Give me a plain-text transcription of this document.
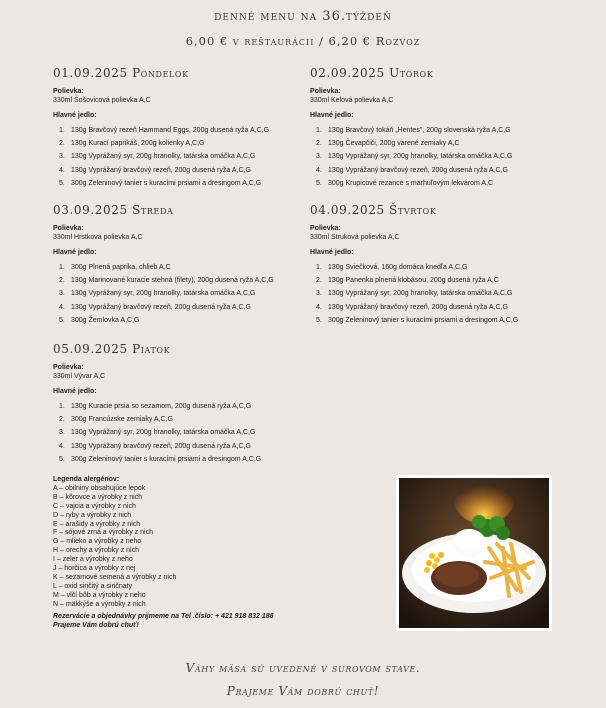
denné menu na 36.týždeň
6,00 € v reštaurácii / 6,20 € Rozvoz
01.09.2025 Pondelok
Polievka:
330ml Šošovicová polievka A,C
Hlavné jedlo:
1. 130g Bravčový rezeň Hammand Eggs, 200g dusená ryža A,C,G
2. 130g Kurací paprikáš, 200g kolienky A,C,G
3. 130g Vyprážaný syr, 200g hranolky, tatárska omáčka A,C,G
4. 130g Vyprážaný bravčový rezeň, 200g dusená ryža A,C,G
5. 300g Zeleninový tanier s kuracími prsiami a dresingom A,C,G
02.09.2025 Utorok
Polievka:
330ml Kelová polievka A,C
Hlavné jedlo:
1. 130g Bravčový tokáň „Hentes", 200g slovenská ryža A,C,G
2. 130g Čevapčiči, 200g varené zemiaky A,C
3. 130g Vyprážaný syr, 200g hranolky, tatárska omáčka A,C,G
4. 130g Vyprážaný bravčový rezeň, 200g dusená ryža A,C,G
5. 300g Krupicové rezance s marhuľovým lekvárom A,C
03.09.2025 Streda
Polievka:
330ml Hrstková polievka A,C
Hlavné jedlo:
1. 300g Plnená paprika, chlieb A,C
2. 130g Marinované kuracie stehná (filety), 200g dusená ryža A,C,G
3. 130g Vyprážaný syr, 200g hranolky, tatárska omáčka A,C,G
4. 130g Vyprážaný bravčový rezeň, 200g dusená ryža A,C,G
5. 300g Žemlovka A,C,G
04.09.2025 Štvrtok
Polievka:
330ml Struková polievka A,C
Hlavné jedlo:
1. 130g Sviečková, 160g domáca knedľa A,C,G
2. 130g Panenka plnená klobásou, 200g dusená ryža A,C
3. 130g Vyprážaný syr, 200g hranolky, tatárska omáčka A,C,G
4. 130g Vyprážaný bravčový rezeň, 200g dusená ryža A,C,G
5. 300g Zeleninový tanier s kuracími prsiami a dresingom A,C,G
05.09.2025 Piatok
Polievka:
330ml Vývar A,C
Hlavné jedlo:
1. 130g Kuracie prsia so sezamom, 200g dusená ryža A,C,G
2. 300g Francúzske zemiaky A,C,G
3. 130g Vyprážaný syr, 200g hranolky, tatárska omáčka A,C,G
4. 130g Vyprážaný bravčový rezeň, 200g dusená ryža A,C,G
5. 300g Zeleninový tanier s kuracími prsiami a dresingom A,C,G
Legenda alergénov:
A – obilniny obsahujúce lepok
B – kôrovce a výrobky z nich
C – vajcia a výrobky z nich
D – ryby a výrobky z nich
E – arašidy a výrobky z nich
F – sójové zrná a výrobky z nich
G – mlieko a výrobky z neho
H – orechy a výrobky z nich
I – zeler a výrobky z neho
J – horčica a výrobky z nej
K – sezamové semená a výrobky z nich
L – oxid siričitý a siričnaty
M – vlčí bôb a výrobky z neho
N – mäkkýše a výrobky z nich
Rezervácie a objednávky prijmeme na Tel .číslo: + 421 918 832 188
Prajeme Vám dobrú chuť!
Váhy mäsa sú uvedené v surovom stave.
Prajeme Vám dobrú chuť!
